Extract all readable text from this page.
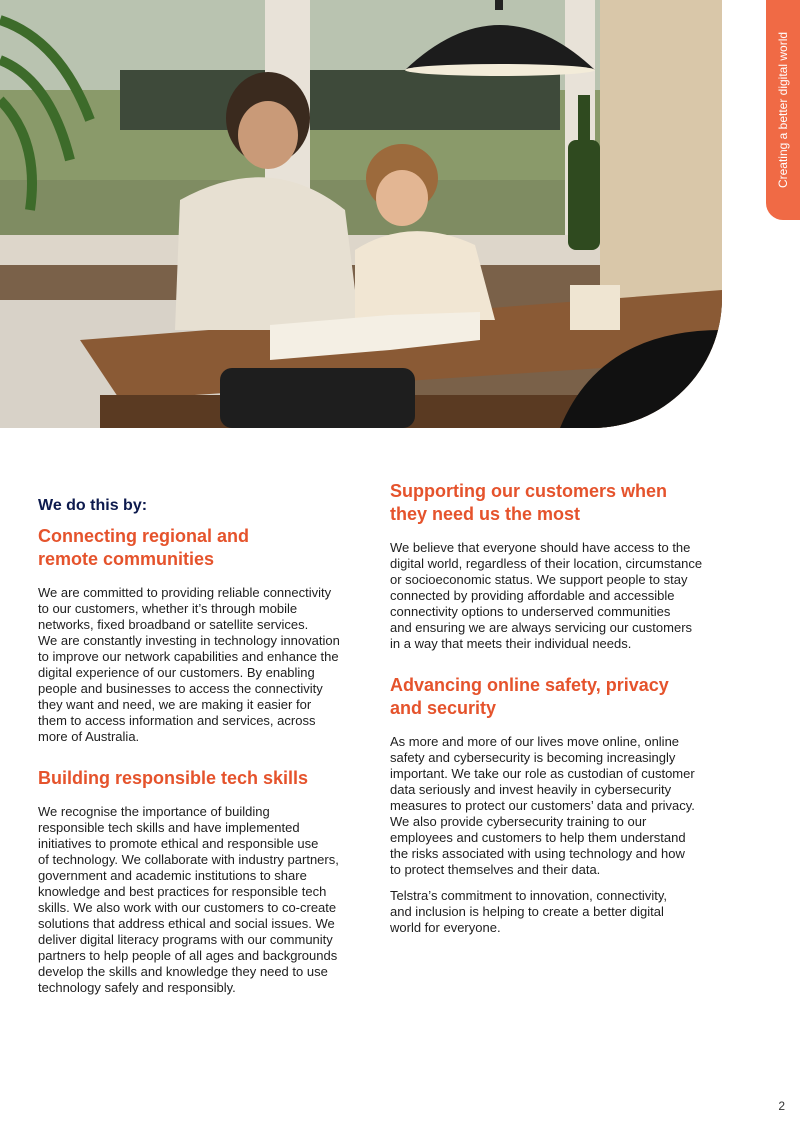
Creating a better digital world
We do this by:
Connecting regional and
remote communities

We are committed to providing reliable connectivity
to our customers, whether it’s through mobile
networks, fixed broadband or satellite services.
We are constantly investing in technology innovation
to improve our network capabilities and enhance the
digital experience of our customers. By enabling
people and businesses to access the connectivity
they want and need, we are making it easier for
them to access information and services, across
more of Australia.

Building responsible tech skills

We recognise the importance of building
responsible tech skills and have implemented
initiatives to promote ethical and responsible use
of technology. We collaborate with industry partners,
government and academic institutions to share
knowledge and best practices for responsible tech
skills. We also work with our customers to co-create
solutions that address ethical and social issues. We
deliver digital literacy programs with our community
partners to help people of all ages and backgrounds
develop the skills and knowledge they need to use
technology safely and responsibly.

Supporting our customers when
they need us the most

We believe that everyone should have access to the
digital world, regardless of their location, circumstance
or socioeconomic status. We support people to stay
connected by providing affordable and accessible
connectivity options to underserved communities
and ensuring we are always servicing our customers
in a way that meets their individual needs.

Advancing online safety, privacy
and security

As more and more of our lives move online, online
safety and cybersecurity is becoming increasingly
important. We take our role as custodian of customer
data seriously and invest heavily in cybersecurity
measures to protect our customers’ data and privacy.
We also provide cybersecurity training to our
employees and customers to help them understand
the risks associated with using technology and how
to protect themselves and their data.

Telstra’s commitment to innovation, connectivity,
and inclusion is helping to create a better digital
world for everyone.

2
